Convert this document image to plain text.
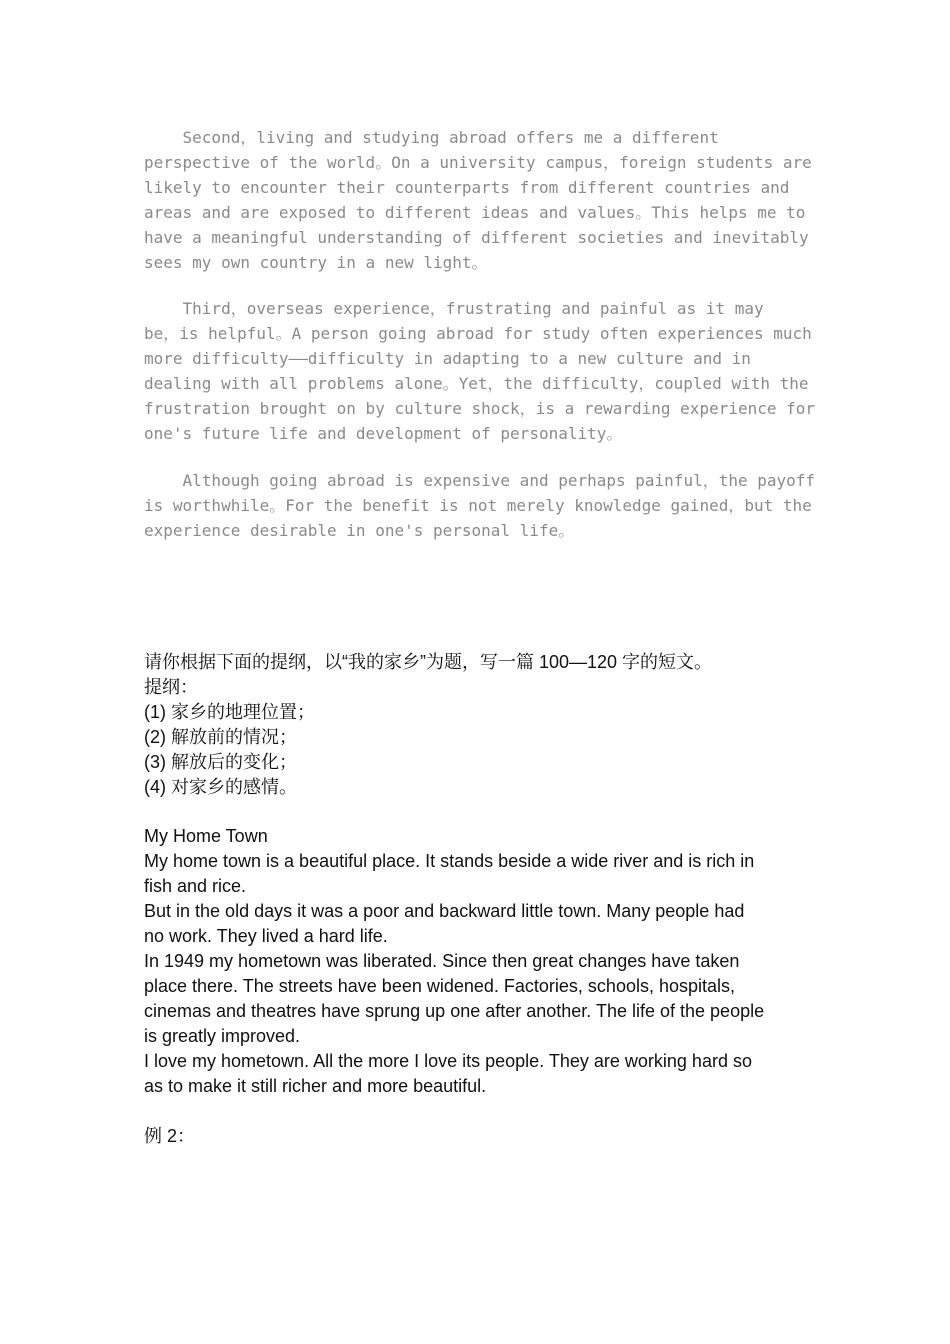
Second，living and studying abroad offers me a different

perspective of the world。On a university campus，foreign students are

likely to encounter their counterparts from different countries and

areas and are exposed to different ideas and values。This helps me to

have a meaningful understanding of different societies and inevitably

sees my own country in a new light。

Third，overseas experience，frustrating and painful as it may

be，is helpful。A person going abroad for study often experiences much

more difficulty——difficulty in adapting to a new culture and in

dealing with all problems alone。Yet，the difficulty，coupled with the

frustration brought on by culture shock，is a rewarding experience for

one's future life and development of personality。

Although going abroad is expensive and perhaps painful，the payoff

is worthwhile。For the benefit is not merely knowledge gained，but the

experience desirable in one's personal life。

请你根据下面的提纲，以“我的家乡”为题，写一篇 100—120 字的短文。
提纲：
(1) 家乡的地理位置；
(2) 解放前的情况；
(3) 解放后的变化；
(4) 对家乡的感情。
My Home Town
My home town is a beautiful place. It stands beside a wide river and is rich in
fish and rice.
But in the old days it was a poor and backward little town. Many people had
no work. They lived a hard life.
In 1949 my hometown was liberated. Since then great changes have taken
place there. The streets have been widened. Factories, schools, hospitals,
cinemas and theatres have sprung up one after another. The life of the people
is greatly improved.
I love my hometown. All the more I love its people. They are working hard so
as to make it still richer and more beautiful.
例 2：
